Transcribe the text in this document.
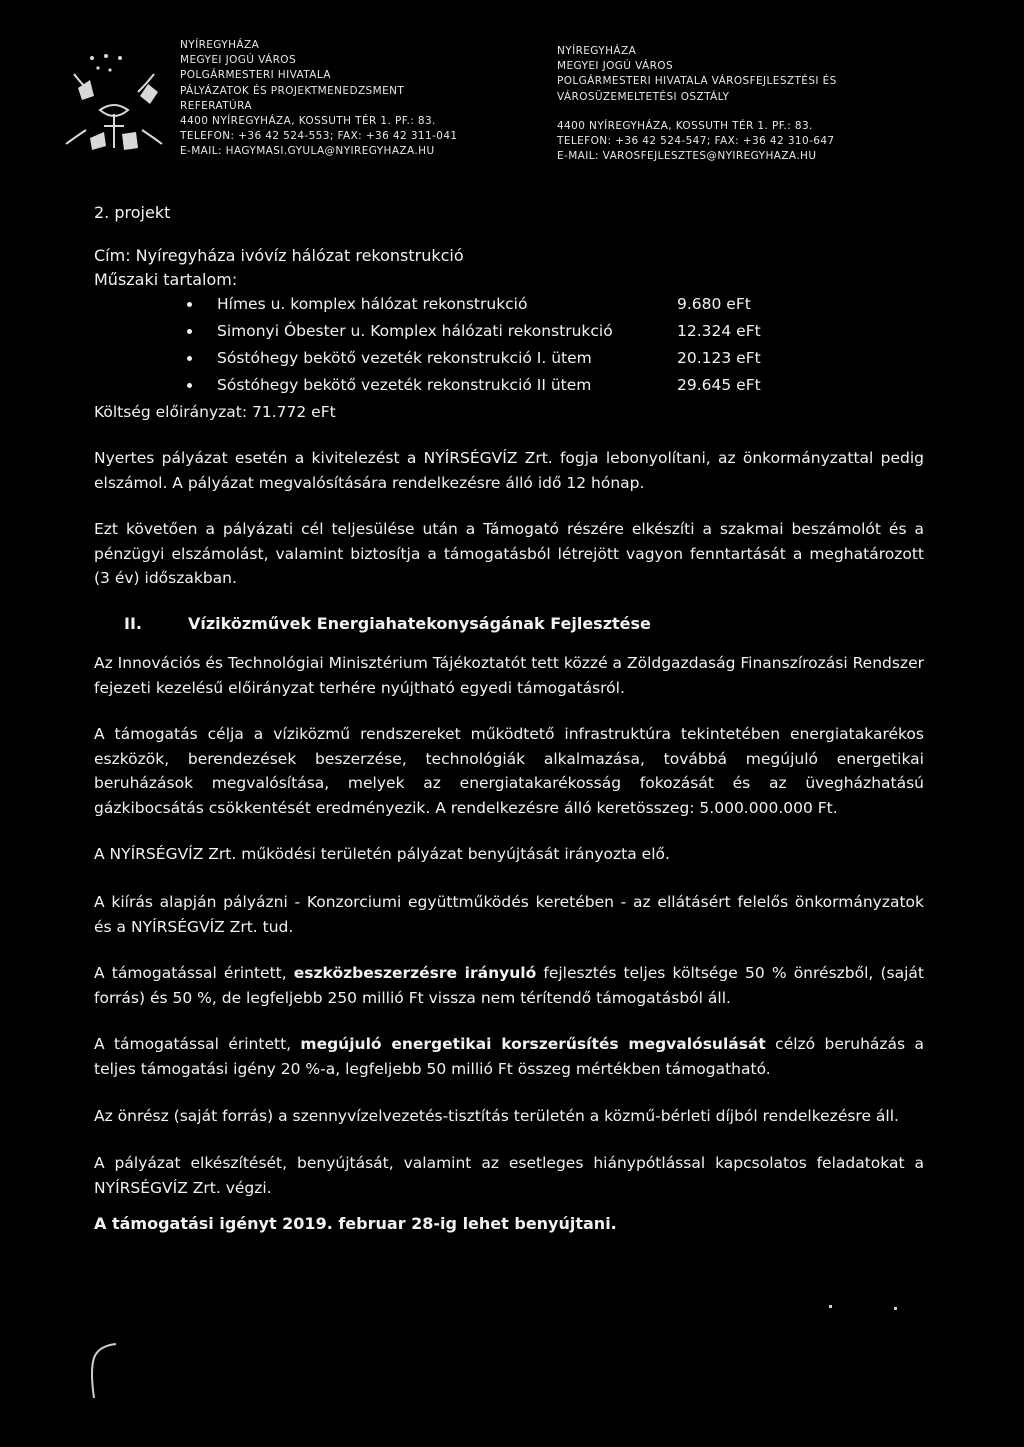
NYÍREGYHÁZA
MEGYEI JOGÚ VÁROS
POLGÁRMESTERI HIVATALA
PÁLYÁZATOK ÉS PROJEKTMENEDZSMENT
REFERATÚRA
4400 NYÍREGYHÁZA, KOSSUTH TÉR 1. PF.: 83.
TELEFON: +36 42 524-553; FAX: +36 42 311-041
E-MAIL: HAGYMASI.GYULA@NYIREGYHAZA.HU
NYÍREGYHÁZA
MEGYEI JOGÚ VÁROS
POLGÁRMESTERI HIVATALA VÁROSFEJLESZTÉSI ÉS
VÁROSÜZEMELTETÉSI OSZTÁLY
4400 NYÍREGYHÁZA, KOSSUTH TÉR 1. PF.: 83.
TELEFON: +36 42 524-547; FAX: +36 42 310-647
E-MAIL: VAROSFEJLESZTES@NYIREGYHAZA.HU
2. projekt
Cím: Nyíregyháza ivóvíz hálózat rekonstrukció
Műszaki tartalom:
Hímes u. komplex hálózat rekonstrukció	9.680 eFt
Simonyi Óbester u. Komplex hálózati rekonstrukció	12.324 eFt
Sóstóhegy bekötő vezeték rekonstrukció I. ütem	20.123 eFt
Sóstóhegy bekötő vezeték rekonstrukció II ütem	29.645 eFt
Költség előirányzat: 71.772 eFt
Nyertes pályázat esetén a kivitelezést a NYÍRSÉGVÍZ Zrt. fogja lebonyolítani, az önkormányzattal pedig elszámol. A pályázat megvalósítására rendelkezésre álló idő 12 hónap.
Ezt követően a pályázati cél teljesülése után a Támogató részére elkészíti a szakmai beszámolót és a pénzügyi elszámolást, valamint biztosítja a támogatásból létrejött vagyon fenntartását a meghatározott (3 év) időszakban.
II.	Víziközművek Energiahatekonyságának Fejlesztése
Az Innovációs és Technológiai Minisztérium Tájékoztatót tett közzé a Zöldgazdaság Finanszírozási Rendszer fejezeti kezelésű előirányzat terhére nyújtható egyedi támogatásról.
A támogatás célja a víziközmű rendszereket működtető infrastruktúra tekintetében energiatakarékos eszközök, berendezések beszerzése, technológiák alkalmazása, továbbá megújuló energetikai beruházások megvalósítása, melyek az energiatakarékosság fokozását és az üvegházhatású gázkibocsátás csökkentését eredményezik. A rendelkezésre álló keretösszeg: 5.000.000.000 Ft.
A NYÍRSÉGVÍZ Zrt. működési területén pályázat benyújtását irányozta elő.
A kiírás alapján pályázni - Konzorciumi együttműködés keretében - az ellátásért felelős önkormányzatok és a NYÍRSÉGVÍZ Zrt. tud.
A támogatással érintett, eszközbeszerzésre irányuló fejlesztés teljes költsége 50 % önrészből, (saját forrás) és 50 %, de legfeljebb 250 millió Ft vissza nem térítendő támogatásból áll.
A támogatással érintett, megújuló energetikai korszerűsítés megvalósulását célzó beruházás a teljes támogatási igény 20 %-a, legfeljebb 50 millió Ft összeg mértékben támogatható.
Az önrész (saját forrás) a szennyvízelvezetés-tisztítás területén a közmű-bérleti díjból rendelkezésre áll.
A pályázat elkészítését, benyújtását, valamint az esetleges hiánypótlással kapcsolatos feladatokat a NYÍRSÉGVÍZ Zrt. végzi.
A támogatási igényt 2019. februar 28-ig lehet benyújtani.
